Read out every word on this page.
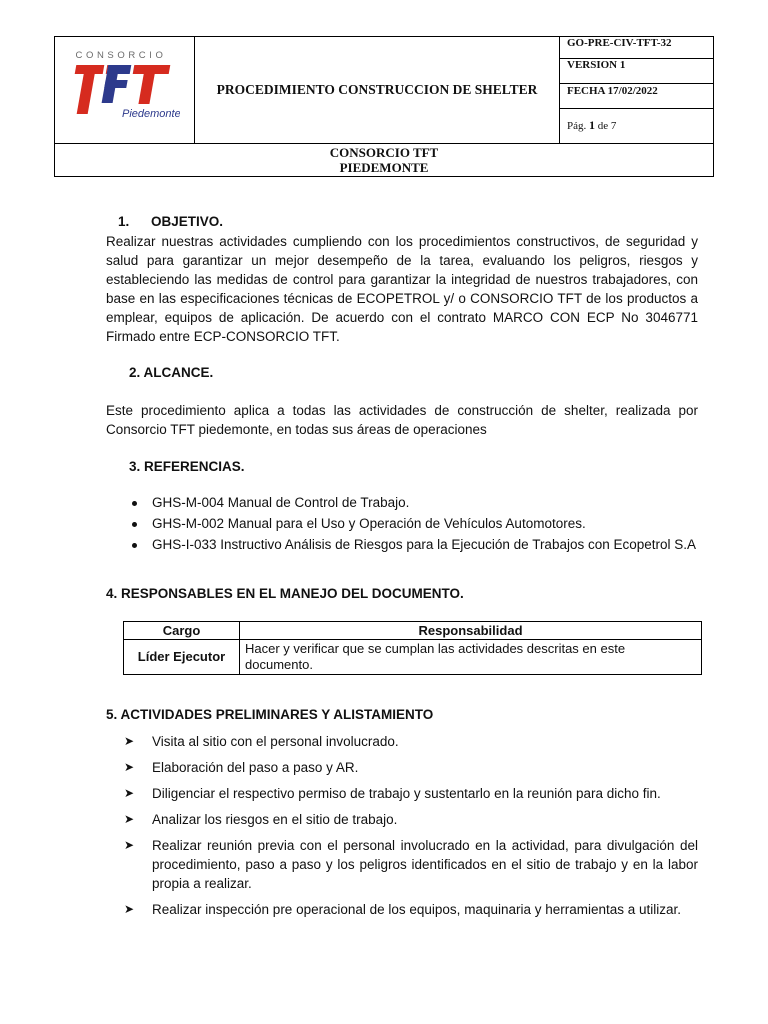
PROCEDIMIENTO CONSTRUCCION DE SHELTER
GO-PRE-CIV-TFT-32
VERSION 1
FECHA 17/02/2022
Pág. 1 de 7
CONSORCIO TFT
PIEDEMONTE
CONSORCIO
Piedemonte
1. OBJETIVO.
Realizar nuestras actividades cumpliendo con los procedimientos constructivos, de seguridad y salud para garantizar un mejor desempeño de la tarea, evaluando los peligros, riesgos y estableciendo las medidas de control para garantizar la integridad de nuestros trabajadores, con base en las especificaciones técnicas de ECOPETROL y/ o CONSORCIO TFT de los productos a emplear, equipos de aplicación. De acuerdo con el contrato MARCO CON ECP No 3046771 Firmado entre ECP-CONSORCIO TFT.
2. ALCANCE.
Este procedimiento aplica a todas las actividades de construcción de shelter, realizada por Consorcio TFT piedemonte, en todas sus áreas de operaciones
3. REFERENCIAS.
GHS-M-004 Manual de Control de Trabajo.
GHS-M-002 Manual para el Uso y Operación de Vehículos Automotores.
GHS-I-033 Instructivo Análisis de Riesgos para la Ejecución de Trabajos con Ecopetrol S.A
4. RESPONSABLES EN EL MANEJO DEL DOCUMENTO.
Cargo	Responsabilidad
Líder Ejecutor	Hacer y verificar que se cumplan las actividades descritas en este documento.
5. ACTIVIDADES PRELIMINARES Y ALISTAMIENTO
➤ Visita al sitio con el personal involucrado.
➤ Elaboración del paso a paso y AR.
➤ Diligenciar el respectivo permiso de trabajo y sustentarlo en la reunión para dicho fin.
➤ Analizar los riesgos en el sitio de trabajo.
➤ Realizar reunión previa con el personal involucrado en la actividad, para divulgación del procedimiento, paso a paso y los peligros identificados en el sitio de trabajo y en la labor propia a realizar.
➤ Realizar inspección pre operacional de los equipos, maquinaria y herramientas a utilizar.
